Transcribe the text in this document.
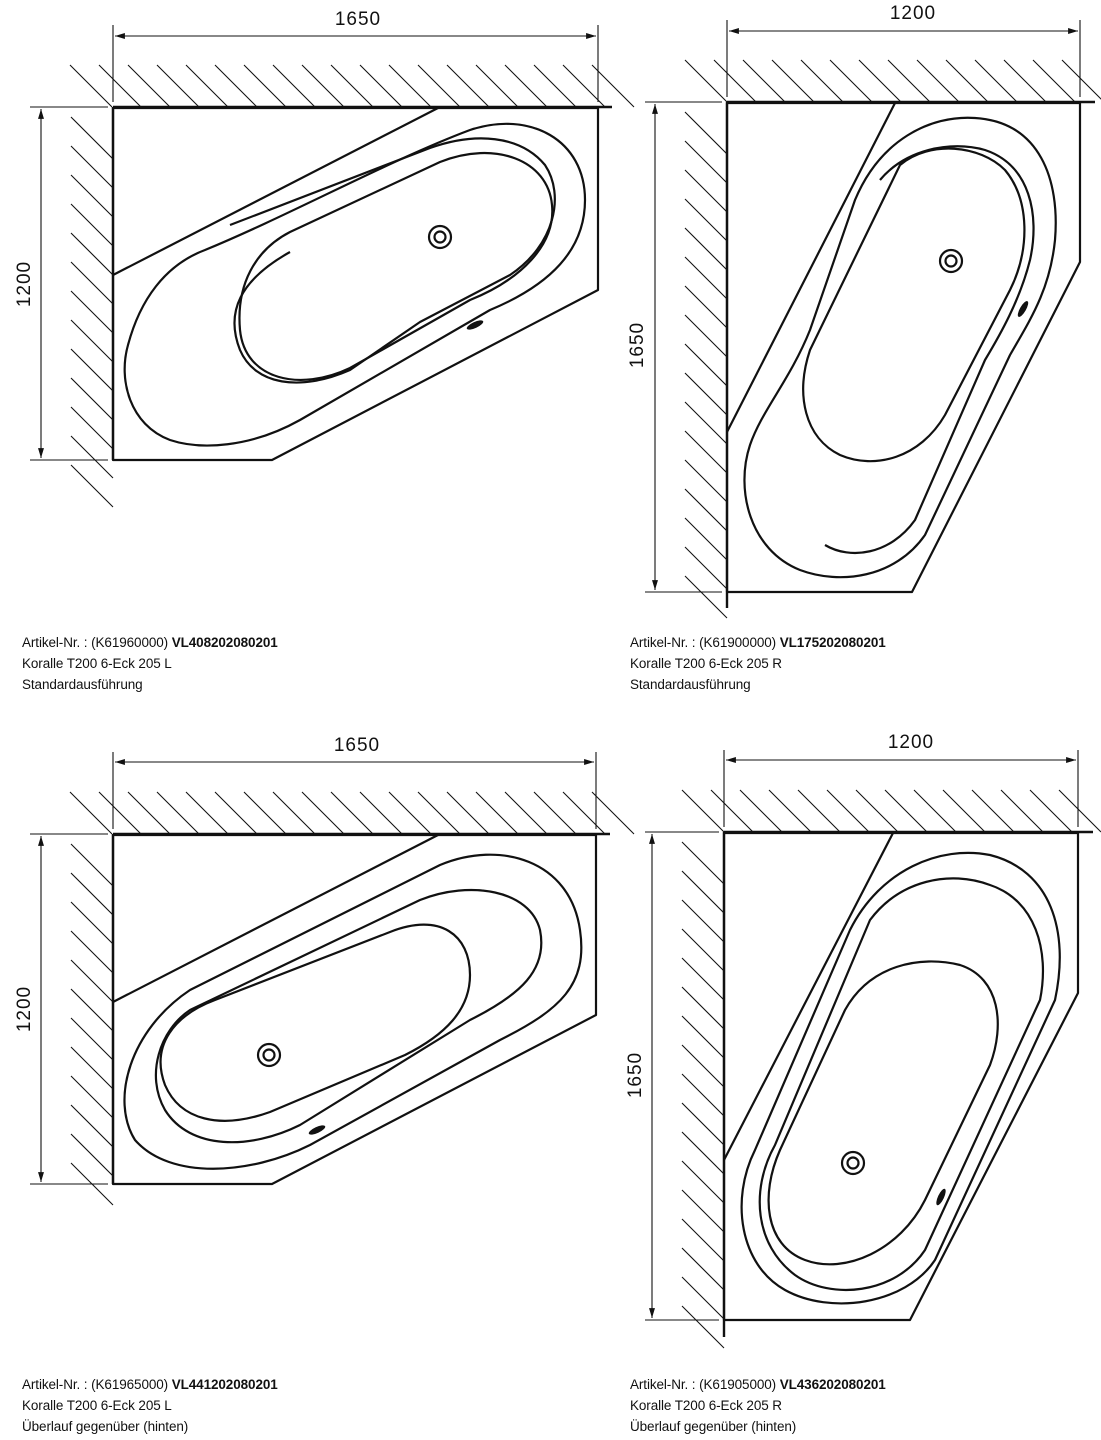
1650
1200
1200
1650
1650
1200
1200
1650
Artikel-Nr. : (K61960000) VL408202080201
Koralle T200 6-Eck 205 L
Standardausführung
Artikel-Nr. : (K61900000) VL175202080201
Koralle T200 6-Eck 205 R
Standardausführung
Artikel-Nr. : (K61965000) VL441202080201
Koralle T200 6-Eck 205 L
Überlauf gegenüber (hinten)
Artikel-Nr. : (K61905000) VL436202080201
Koralle T200 6-Eck 205 R
Überlauf gegenüber (hinten)
